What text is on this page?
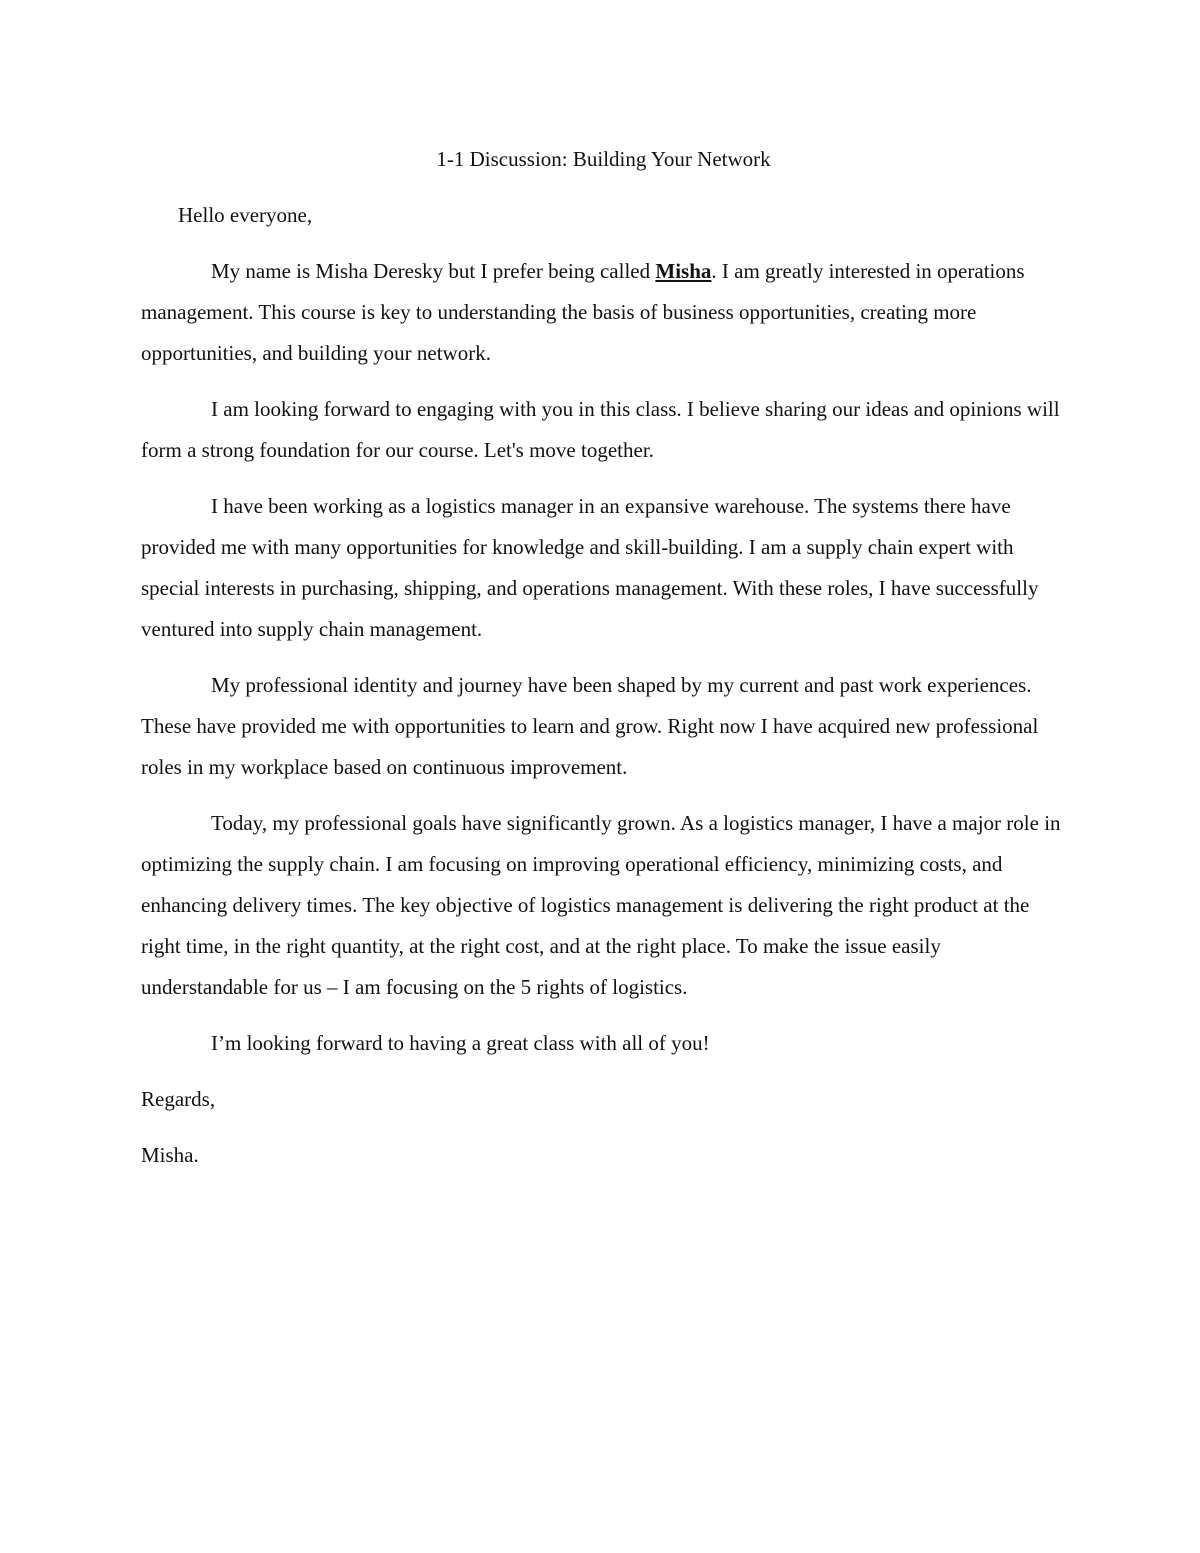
1-1 Discussion: Building Your Network
Hello everyone,

My name is Misha Deresky but I prefer being called Misha. I am greatly interested in operations management. This course is key to understanding the basis of business opportunities, creating more opportunities, and building your network.

I am looking forward to engaging with you in this class. I believe sharing our ideas and opinions will form a strong foundation for our course. Let's move together.

I have been working as a logistics manager in an expansive warehouse. The systems there have provided me with many opportunities for knowledge and skill-building. I am a supply chain expert with special interests in purchasing, shipping, and operations management. With these roles, I have successfully ventured into supply chain management.

My professional identity and journey have been shaped by my current and past work experiences. These have provided me with opportunities to learn and grow. Right now I have acquired new professional roles in my workplace based on continuous improvement.

Today, my professional goals have significantly grown. As a logistics manager, I have a major role in optimizing the supply chain. I am focusing on improving operational efficiency, minimizing costs, and enhancing delivery times. The key objective of logistics management is delivering the right product at the right time, in the right quantity, at the right cost, and at the right place. To make the issue easily understandable for us – I am focusing on the 5 rights of logistics.

I’m looking forward to having a great class with all of you!

Regards,
Misha.
